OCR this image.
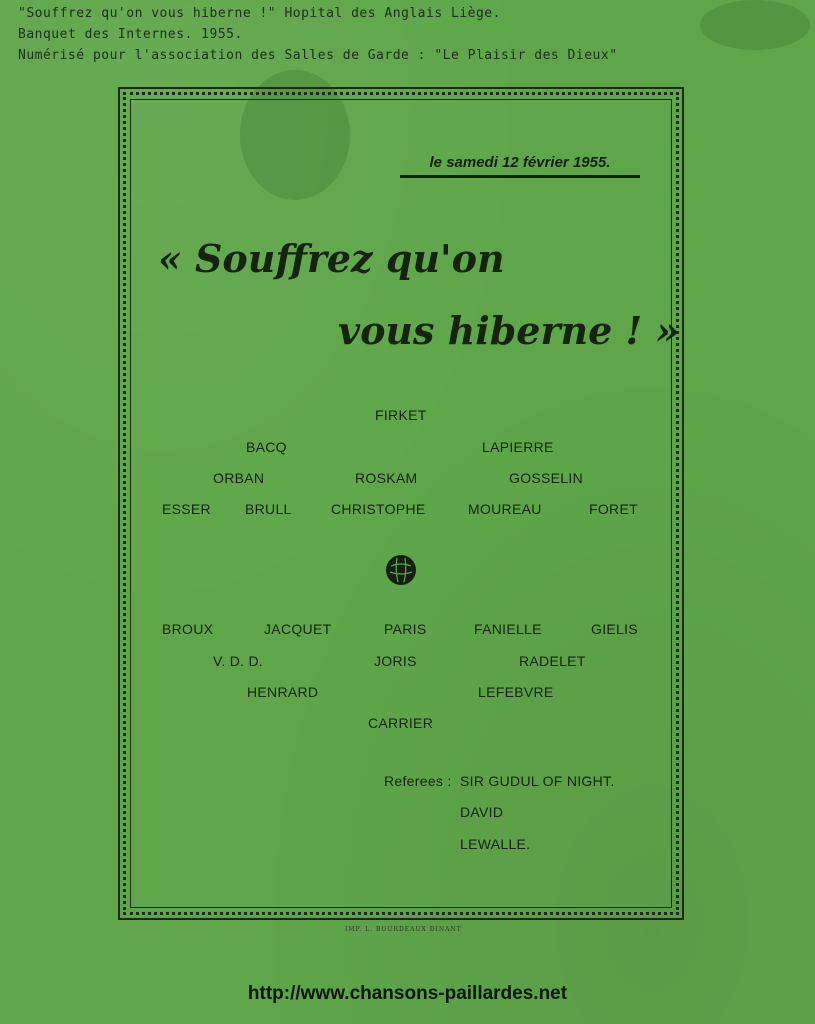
"Souffrez qu'on vous hiberne !" Hopital des Anglais Liège.
Banquet des Internes. 1955.
Numérisé pour l'association des Salles de Garde : "Le Plaisir des Dieux"
le samedi 12 février 1955.
« Souffrez qu'on
vous hiberne ! »
FIRKET
BACQ	LAPIERRE
ORBAN	ROSKAM	GOSSELIN
ESSER BRULL	CHRISTOPHE	MOUREAU	FORET
BROUX	JACQUET	PARIS	FANIELLE	GIELIS
V. D. D.	JORIS	RADELET
HENRARD	LEFEBVRE
CARRIER
Referees : SIR GUDUL OF NIGHT.
DAVID
LEWALLE.
IMP. L. BOURDEAUX DINANT
http://www.chansons-paillardes.net
